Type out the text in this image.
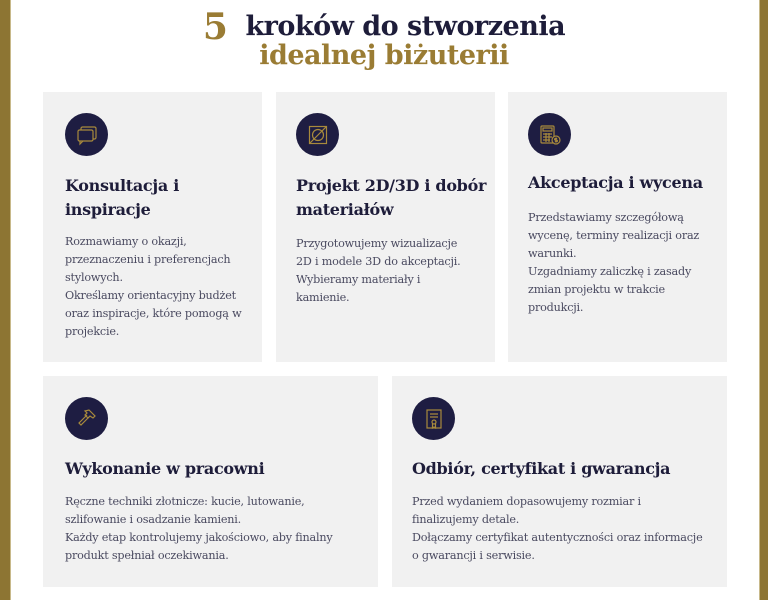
5 kroków do stworzenia
idealnej biżuterii
Konsultacja i inspiracje
Rozmawiamy o okazji,
przeznaczeniu i preferencjach
stylowych.
Określamy orientacyjny budżet
oraz inspiracje, które pomogą w
projekcie.
Projekt 2D/3D i dobór materiałów
Przygotowujemy wizualizacje
2D i modele 3D do akceptacji.
Wybieramy materiały i
kamienie.
Akceptacja i wycena
Przedstawiamy szczegółową
wycenę, terminy realizacji oraz
warunki.
Uzgadniamy zaliczkę i zasady
zmian projektu w trakcie
produkcji.
Wykonanie w pracowni
Ręczne techniki złotnicze: kucie, lutowanie,
szlifowanie i osadzanie kamieni.
Każdy etap kontrolujemy jakościowo, aby finalny
produkt spełniał oczekiwania.
Odbiór, certyfikat i gwarancja
Przed wydaniem dopasowujemy rozmiar i
finalizujemy detale.
Dołączamy certyfikat autentyczności oraz informacje
o gwarancji i serwisie.
